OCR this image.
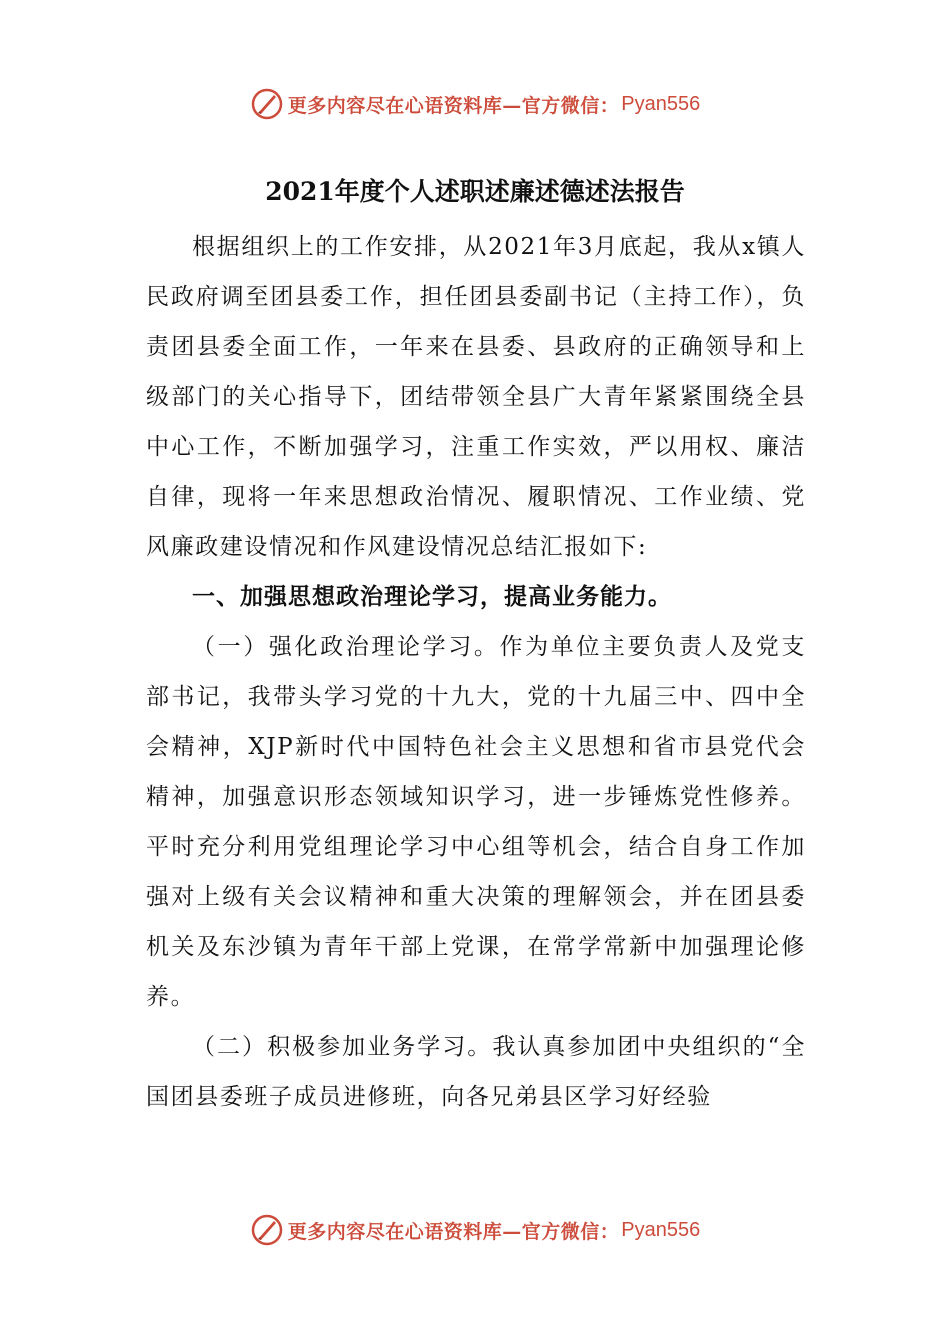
更多内容尽在心语资料库—官方微信： Pyan556
2021年度个人述职述廉述德述法报告

根据组织上的工作安排，从2021年3月底起，我从x镇人民政府调至团县委工作，担任团县委副书记（主持工作），负责团县委全面工作，一年来在县委、县政府的正确领导和上级部门的关心指导下，团结带领全县广大青年紧紧围绕全县中心工作，不断加强学习，注重工作实效，严以用权、廉洁自律，现将一年来思想政治情况、履职情况、工作业绩、党风廉政建设情况和作风建设情况总结汇报如下:

一、加强思想政治理论学习，提高业务能力。

（一）强化政治理论学习。作为单位主要负责人及党支部书记，我带头学习党的十九大，党的十九届三中、四中全会精神，XJP新时代中国特色社会主义思想和省市县党代会精神，加强意识形态领域知识学习，进一步锤炼党性修养。平时充分利用党组理论学习中心组等机会，结合自身工作加强对上级有关会议精神和重大决策的理解领会，并在团县委机关及东沙镇为青年干部上党课，在常学常新中加强理论修养。

（二）积极参加业务学习。我认真参加团中央组织的“全国团县委班子成员进修班，向各兄弟县区学习好经验

更多内容尽在心语资料库—官方微信： Pyan556
